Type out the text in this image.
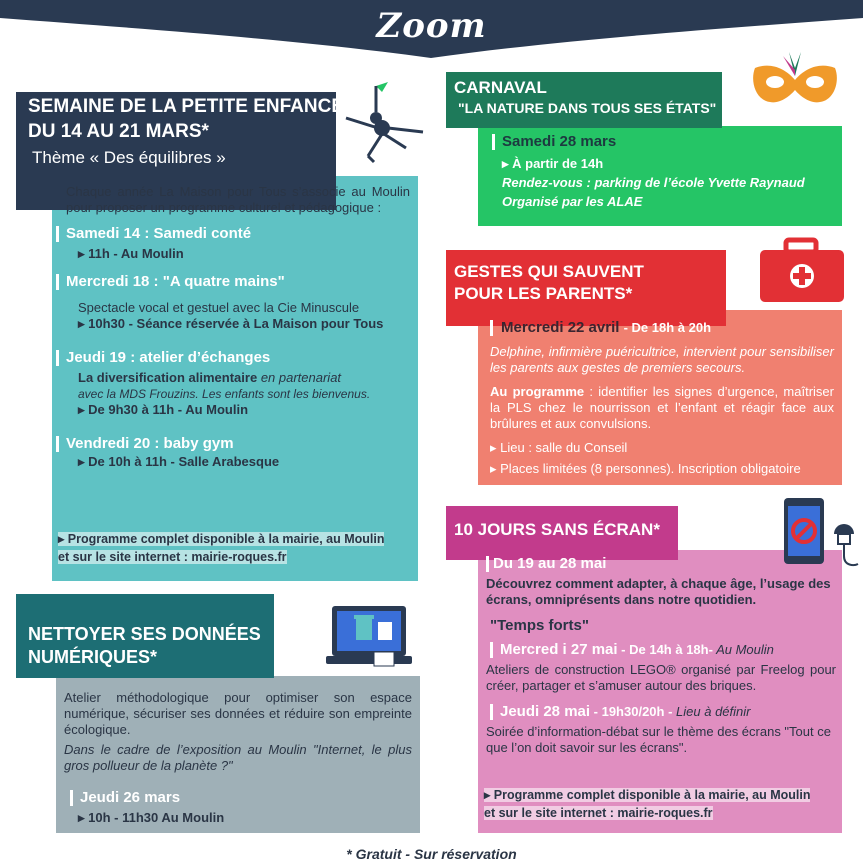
Zoom
SEMAINE DE LA PETITE ENFANCE
DU 14 AU 21 MARS*
Thème « Des équilibres »
Chaque année La Maison pour Tous s’associe au Moulin pour proposer un programme culturel et pédagogique :
Samedi 14 : Samedi conté
▸ 11h - Au Moulin
Mercredi 18 : "A quatre mains"
Spectacle vocal et gestuel avec la Cie Minuscule
▸ 10h30 - Séance réservée à La Maison pour Tous
Jeudi 19 : atelier d’échanges
La diversification alimentaire en partenariat
avec la MDS Frouzins. Les enfants sont les bienvenus.
▸ De 9h30 à 11h - Au Moulin
Vendredi 20 : baby gym
▸ De 10h à 11h - Salle Arabesque
▸ Programme complet disponible à la mairie, au Moulin
et sur le site internet : mairie-roques.fr
NETTOYER SES DONNÉES
NUMÉRIQUES*
Atelier méthodologique pour optimiser son espace numérique, sécuriser ses données et réduire son empreinte écologique.
Dans le cadre de l’exposition au Moulin "Internet, le plus gros pollueur de la planète ?"
Jeudi 26 mars
▸ 10h - 11h30 Au Moulin
CARNAVAL
"LA NATURE DANS TOUS SES ÉTATS"
Samedi 28 mars
▸ À partir de 14h
Rendez-vous : parking de l’école Yvette Raynaud
Organisé par les ALAE
GESTES QUI SAUVENT
POUR LES PARENTS*
Mercredi 22 avril - De 18h à 20h
Delphine, infirmière puéricultrice, intervient pour sensibiliser les parents aux gestes de premiers secours.
Au programme : identifier les signes d’urgence, maîtriser la PLS chez le nourrisson et l’enfant et réagir face aux brûlures et aux convulsions.
▸ Lieu : salle du Conseil
▸ Places limitées (8 personnes). Inscription obligatoire
10 JOURS SANS ÉCRAN*
Du 19 au 28 mai
Découvrez comment adapter, à chaque âge, l’usage des écrans, omniprésents dans notre quotidien.
"Temps forts"
Mercred i 27 mai - De 14h à 18h- Au Moulin
Ateliers de construction LEGO® organisé par Freelog pour créer, partager et s’amuser autour des briques.
Jeudi 28 mai - 19h30/20h - Lieu à définir
Soirée d’information-débat sur le thème des écrans "Tout ce que l’on doit savoir sur les écrans".
▸ Programme complet disponible à la mairie, au Moulin
et sur le site internet : mairie-roques.fr
* Gratuit - Sur réservation
